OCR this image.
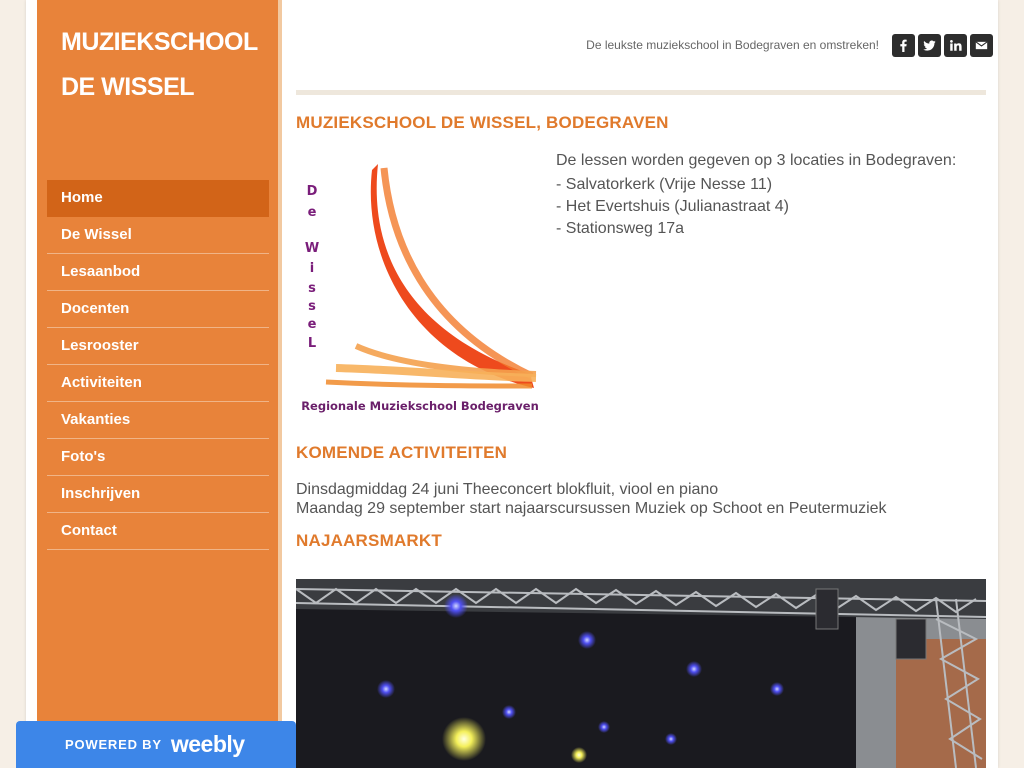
MUZIEKSCHOOL
DE WISSEL
Home
De Wissel
Lesaanbod
Docenten
Lesrooster
Activiteiten
Vakanties
Foto's
Inschrijven
Contact
De leukste muziekschool in Bodegraven en omstreken!
MUZIEKSCHOOL DE WISSEL, BODEGRAVEN
D
e
W
i
s
s
e
L
Regionale Muziekschool Bodegraven
De lessen worden gegeven op 3 locaties in Bodegraven:
- Salvatorkerk (Vrije Nesse 11)
- Het Evertshuis (Julianastraat 4)
- Stationsweg 17a
KOMENDE ACTIVITEITEN
Dinsdagmiddag 24 juni Theeconcert blokfluit, viool en piano
Maandag 29 september start najaarscursussen Muziek op Schoot en Peutermuziek
NAJAARSMARKT
POWERED BY weebly
